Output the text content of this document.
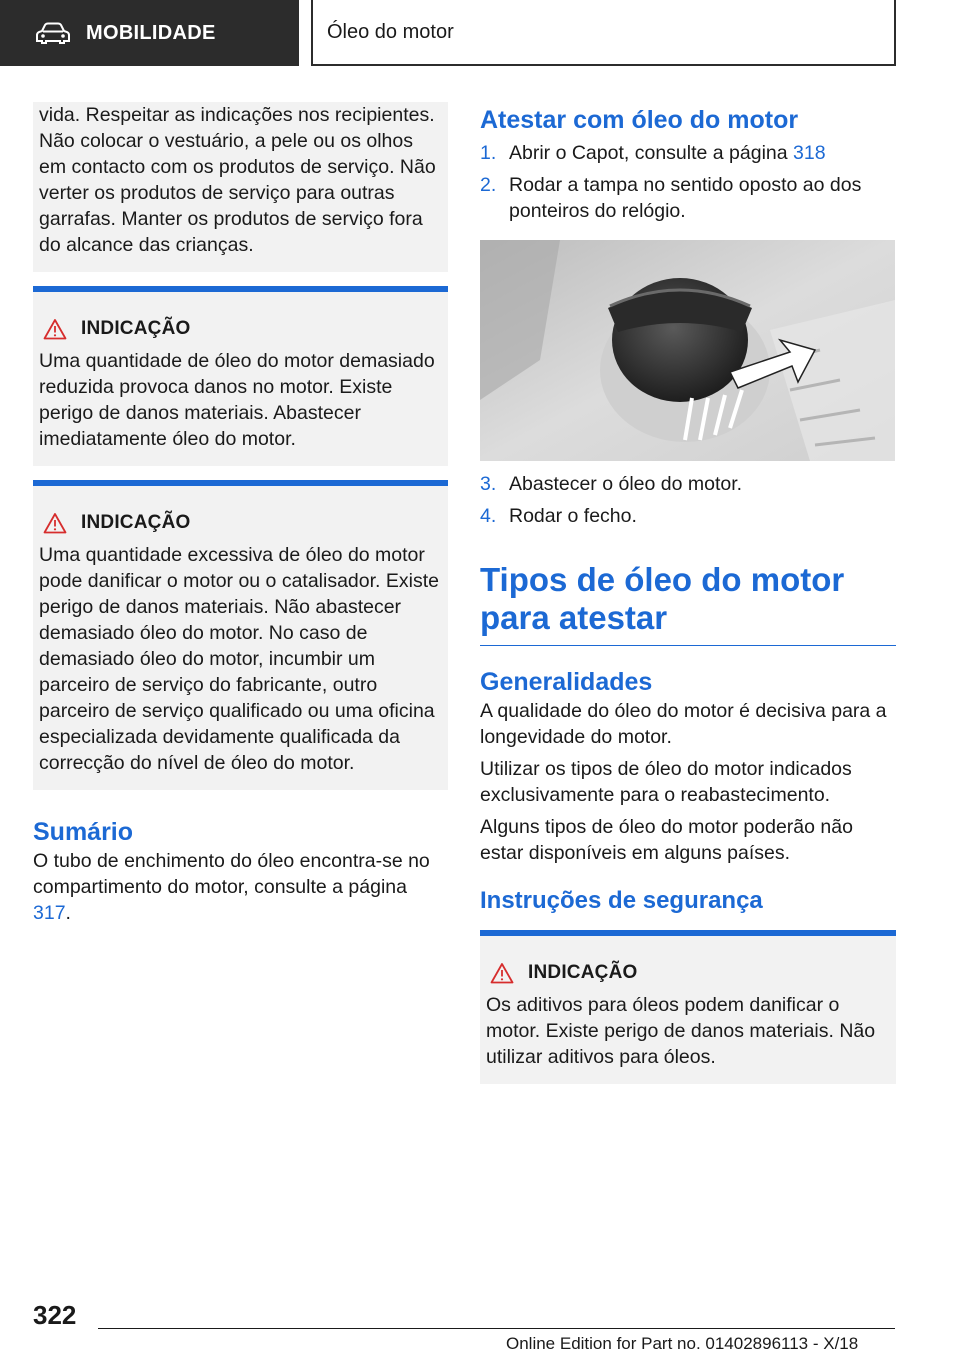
MOBILIDADE	Óleo do motor

vida. Respeitar as indicações nos recipientes. Não colocar o vestuário, a pele ou os olhos em contacto com os produtos de serviço. Não verter os produtos de serviço para outras garrafas. Manter os produtos de serviço fora do alcance das crianças.

INDICAÇÃO

Uma quantidade de óleo do motor demasiado reduzida provoca danos no motor. Existe perigo de danos materiais. Abastecer imediatamente óleo do motor.

INDICAÇÃO

Uma quantidade excessiva de óleo do motor pode danificar o motor ou o catalisador. Existe perigo de danos materiais. Não abastecer demasiado óleo do motor. No caso de demasiado óleo do motor, incumbir um parceiro de serviço do fabricante, outro parceiro de serviço qualificado ou uma oficina especializada devidamente qualificada da correcção do nível de óleo do motor.

Sumário

O tubo de enchimento do óleo encontra-se no compartimento do motor, consulte a página 317.

Atestar com óleo do motor
1. Abrir o Capot, consulte a página 318
2. Rodar a tampa no sentido oposto ao dos ponteiros do relógio.
3. Abastecer o óleo do motor.
4. Rodar o fecho.
Tipos de óleo do motor para atestar
Generalidades

A qualidade do óleo do motor é decisiva para a longevidade do motor.

Utilizar os tipos de óleo do motor indicados exclusivamente para o reabastecimento.

Alguns tipos de óleo do motor poderão não estar disponíveis em alguns países.

Instruções de segurança
INDICAÇÃO

Os aditivos para óleos podem danificar o motor. Existe perigo de danos materiais. Não utilizar aditivos para óleos.

322
Online Edition for Part no. 01402896113 - X/18
